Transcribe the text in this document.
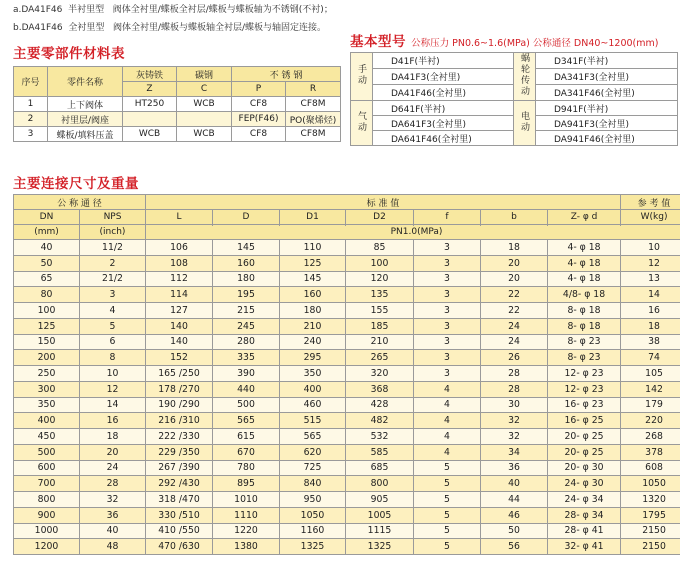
a.DA41F46 半衬里型 阀体全衬里/蝶板全衬层/蝶板与蝶板轴为不锈钢(不衬)；
b.DA41F46 全衬里型 阀体全衬里/蝶板与蝶板轴全衬层/蝶板与轴固定连接。
主要零部件材料表
序号	零件名称	灰铸铁	碳钢	不 锈 钢	
		Z	C	P	R
1	上下阀体	HT250	WCB	CF8	CF8M
2	衬里层/阀座			FEP(F46)	PO(聚烯烃)
3	蝶板/填料压盖	WCB	WCB	CF8	CF8M
基本型号 公称压力 PN0.6~1.6(MPa) 公称通径 DN40~1200(mm)
手动	D41F(半衬)	蜗轮传动	D341F(半衬)
	DA41F3(全衬里)		DA341F3(全衬里)
	DA41F46(全衬里)		DA341F46(全衬里)
气动	D641F(半衬)	电动	D941F(半衬)
	DA641F3(全衬里)		DA941F3(全衬里)
	DA641F46(全衬里)		DA941F46(全衬里)
主要连接尺寸及重量
公 称 通 径		标 准 值							参 考 值
DN	NPS	L	D	D1	D2	f	b	Z- φ d	W(kg)
(mm)	(inch)								
		PN1.0(MPa)							
40	11/2	106	145	110	85	3	18	4- φ 18	10
50	2	108	160	125	100	3	20	4- φ 18	12
65	21/2	112	180	145	120	3	20	4- φ 18	13
80	3	114	195	160	135	3	22	4/8- φ 18	14
100	4	127	215	180	155	3	22	8- φ 18	16
125	5	140	245	210	185	3	24	8- φ 18	18
150	6	140	280	240	210	3	24	8- φ 23	38
200	8	152	335	295	265	3	26	8- φ 23	74
250	10	165 /250	390	350	320	3	28	12- φ 23	105
300	12	178 /270	440	400	368	4	28	12- φ 23	142
350	14	190 /290	500	460	428	4	30	16- φ 23	179
400	16	216 /310	565	515	482	4	32	16- φ 25	220
450	18	222 /330	615	565	532	4	32	20- φ 25	268
500	20	229 /350	670	620	585	4	34	20- φ 25	378
600	24	267 /390	780	725	685	5	36	20- φ 30	608
700	28	292 /430	895	840	800	5	40	24- φ 30	1050
800	32	318 /470	1010	950	905	5	44	24- φ 34	1320
900	36	330 /510	1110	1050	1005	5	46	28- φ 34	1795
1000	40	410 /550	1220	1160	1115	5	50	28- φ 41	2150
1200	48	470 /630	1380	1325	1325	5	56	32- φ 41	2150
